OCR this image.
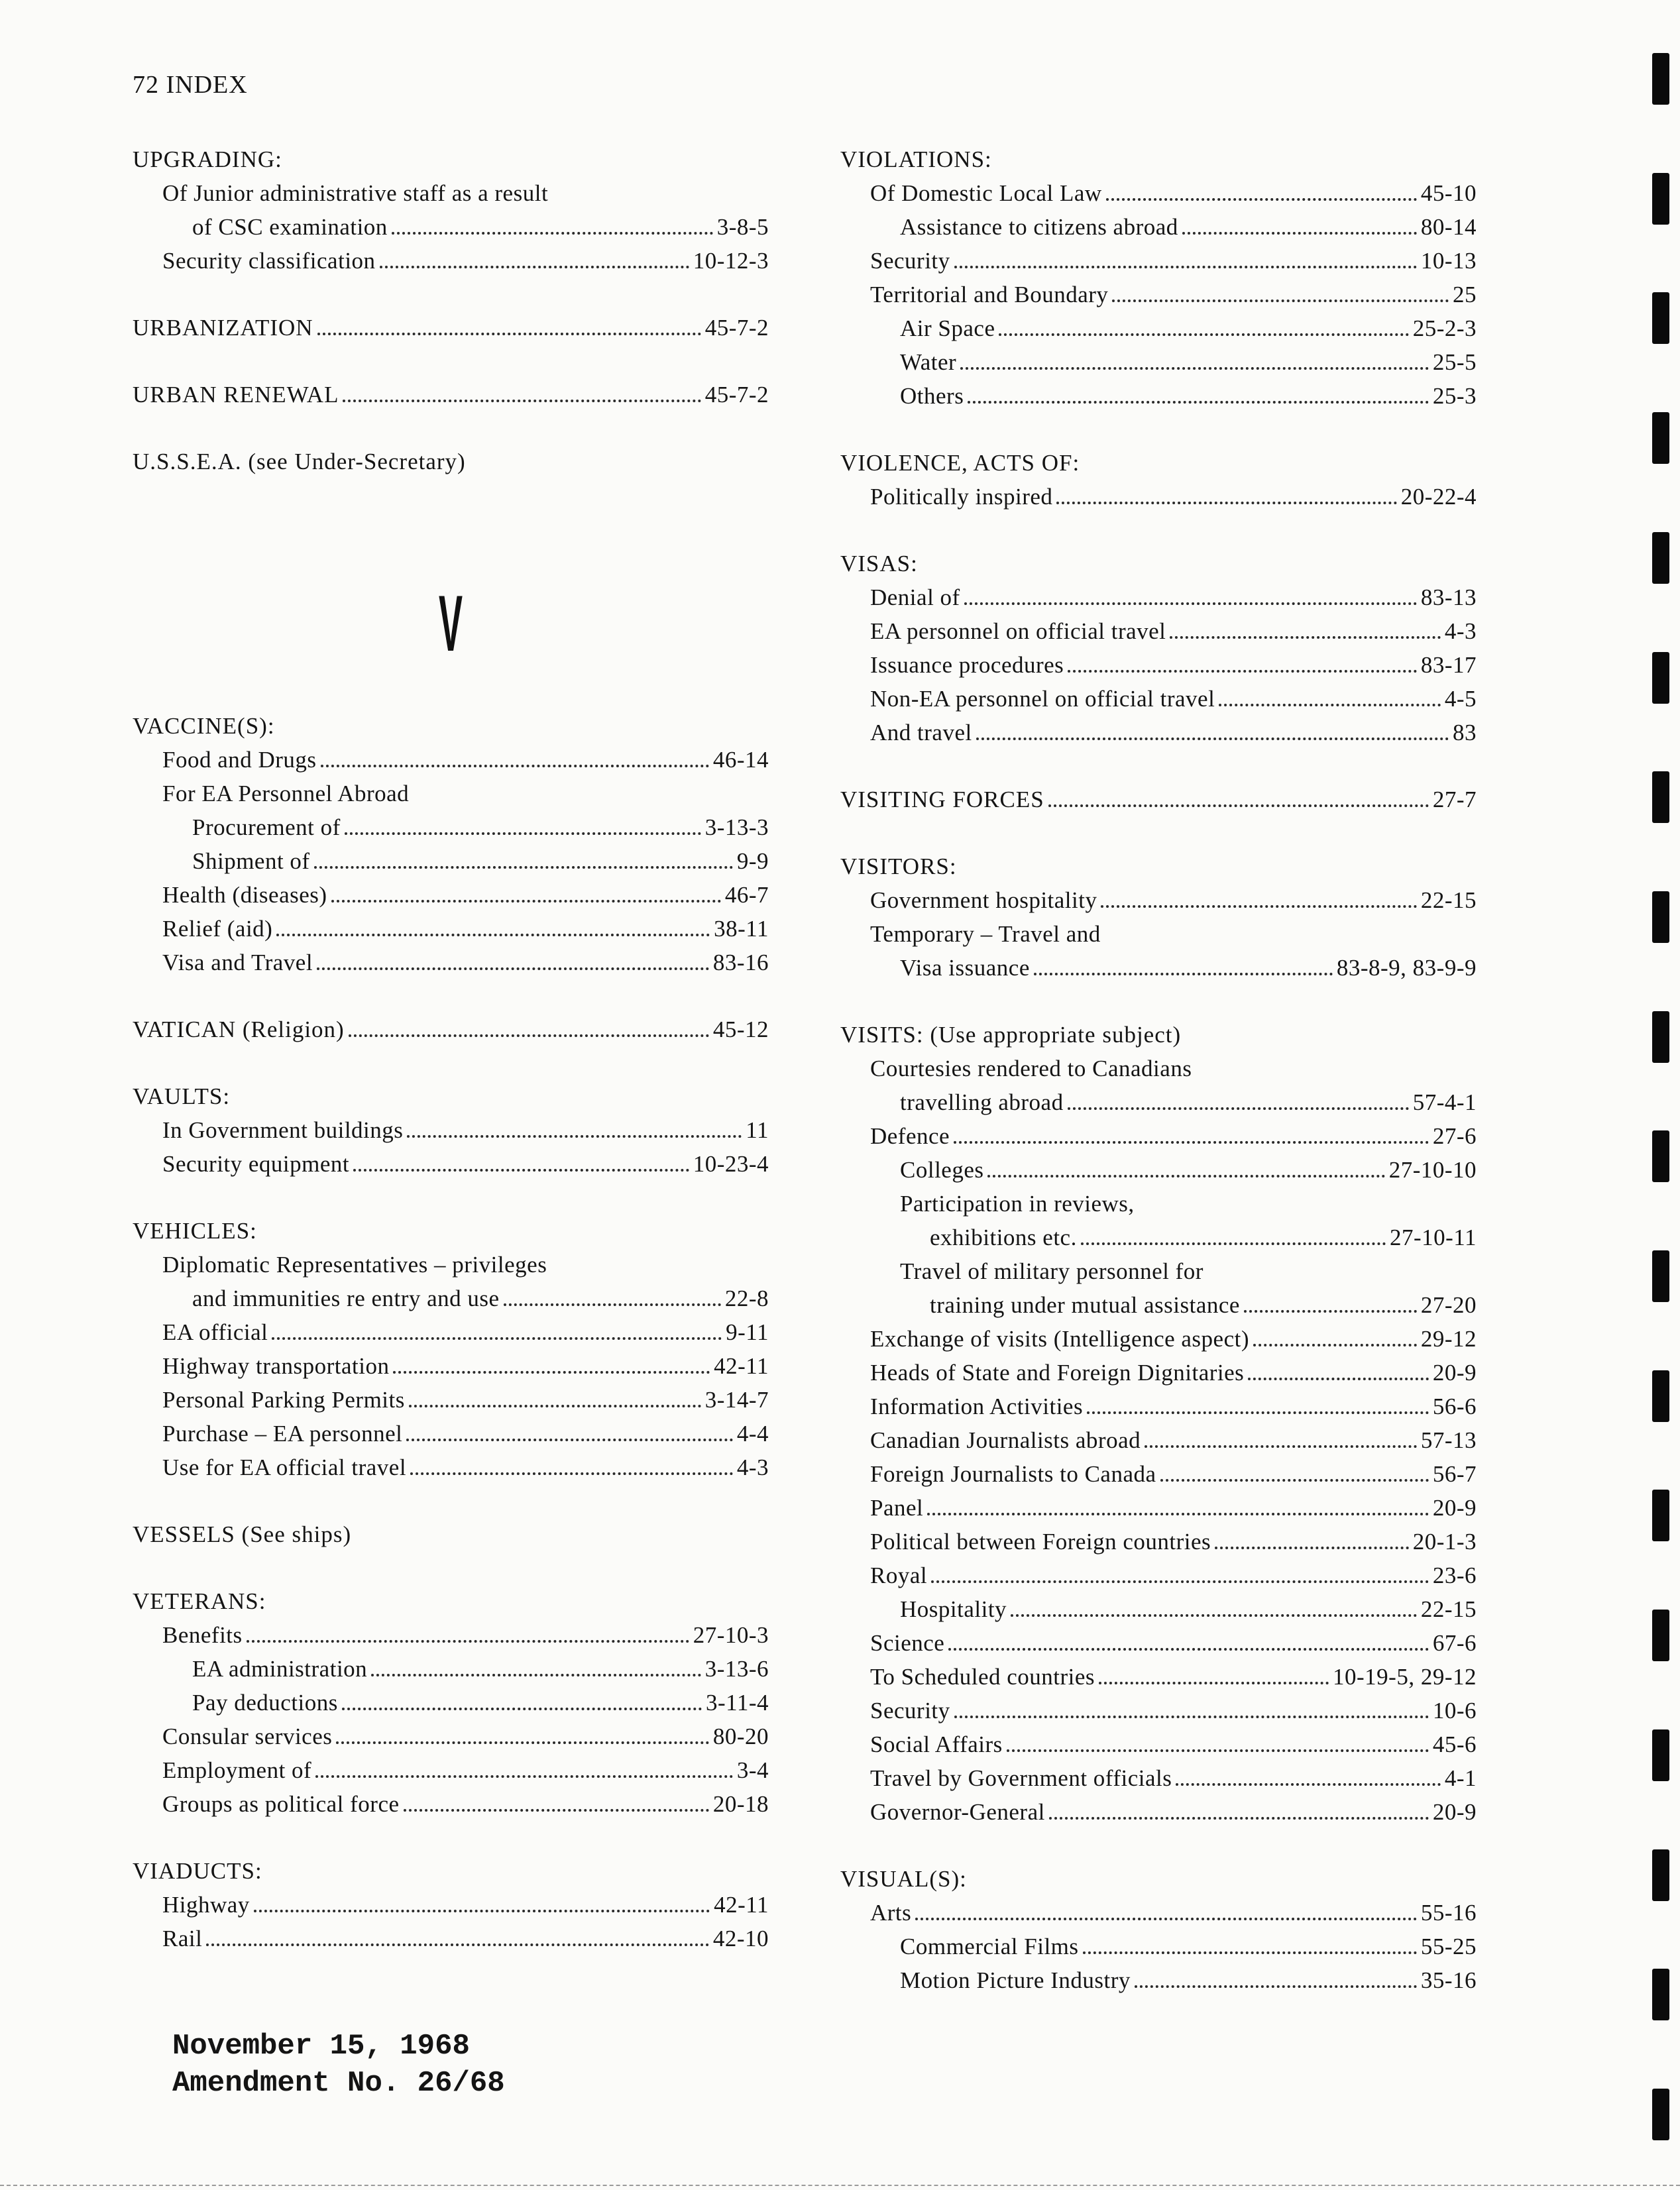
72 INDEX
UPGRADING:
Of Junior administrative staff as a result
of CSC examination	3-8-5
Security classification	10-12-3
URBANIZATION	45-7-2
URBAN RENEWAL	45-7-2
U.S.S.E.A. (see Under-Secretary)
V
VACCINE(S):
Food and Drugs	46-14
For EA Personnel Abroad
Procurement of	3-13-3
Shipment of	9-9
Health (diseases)	46-7
Relief (aid)	38-11
Visa and Travel	83-16
VATICAN (Religion)	45-12
VAULTS:
In Government buildings	11
Security equipment	10-23-4
VEHICLES:
Diplomatic Representatives – privileges
and immunities re entry and use	22-8
EA official	9-11
Highway transportation	42-11
Personal Parking Permits	3-14-7
Purchase – EA personnel	4-4
Use for EA official travel	4-3
VESSELS (See ships)
VETERANS:
Benefits	27-10-3
EA administration	3-13-6
Pay deductions	3-11-4
Consular services	80-20
Employment of	3-4
Groups as political force	20-18
VIADUCTS:
Highway	42-11
Rail	42-10
VIOLATIONS:
Of Domestic Local Law	45-10
Assistance to citizens abroad	80-14
Security	10-13
Territorial and Boundary	25
Air Space	25-2-3
Water	25-5
Others	25-3
VIOLENCE, ACTS OF:
Politically inspired	20-22-4
VISAS:
Denial of	83-13
EA personnel on official travel	4-3
Issuance procedures	83-17
Non-EA personnel on official travel	4-5
And travel	83
VISITING FORCES	27-7
VISITORS:
Government hospitality	22-15
Temporary – Travel and
Visa issuance	83-8-9, 83-9-9
VISITS: (Use appropriate subject)
Courtesies rendered to Canadians
travelling abroad	57-4-1
Defence	27-6
Colleges	27-10-10
Participation in reviews,
exhibitions etc.	27-10-11
Travel of military personnel for
training under mutual assistance	27-20
Exchange of visits (Intelligence aspect)	29-12
Heads of State and Foreign Dignitaries	20-9
Information Activities	56-6
Canadian Journalists abroad	57-13
Foreign Journalists to Canada	56-7
Panel	20-9
Political between Foreign countries	20-1-3
Royal	23-6
Hospitality	22-15
Science	67-6
To Scheduled countries	10-19-5, 29-12
Security	10-6
Social Affairs	45-6
Travel by Government officials	4-1
Governor-General	20-9
VISUAL(S):
Arts	55-16
Commercial Films	55-25
Motion Picture Industry	35-16
November 15, 1968
Amendment No. 26/68
